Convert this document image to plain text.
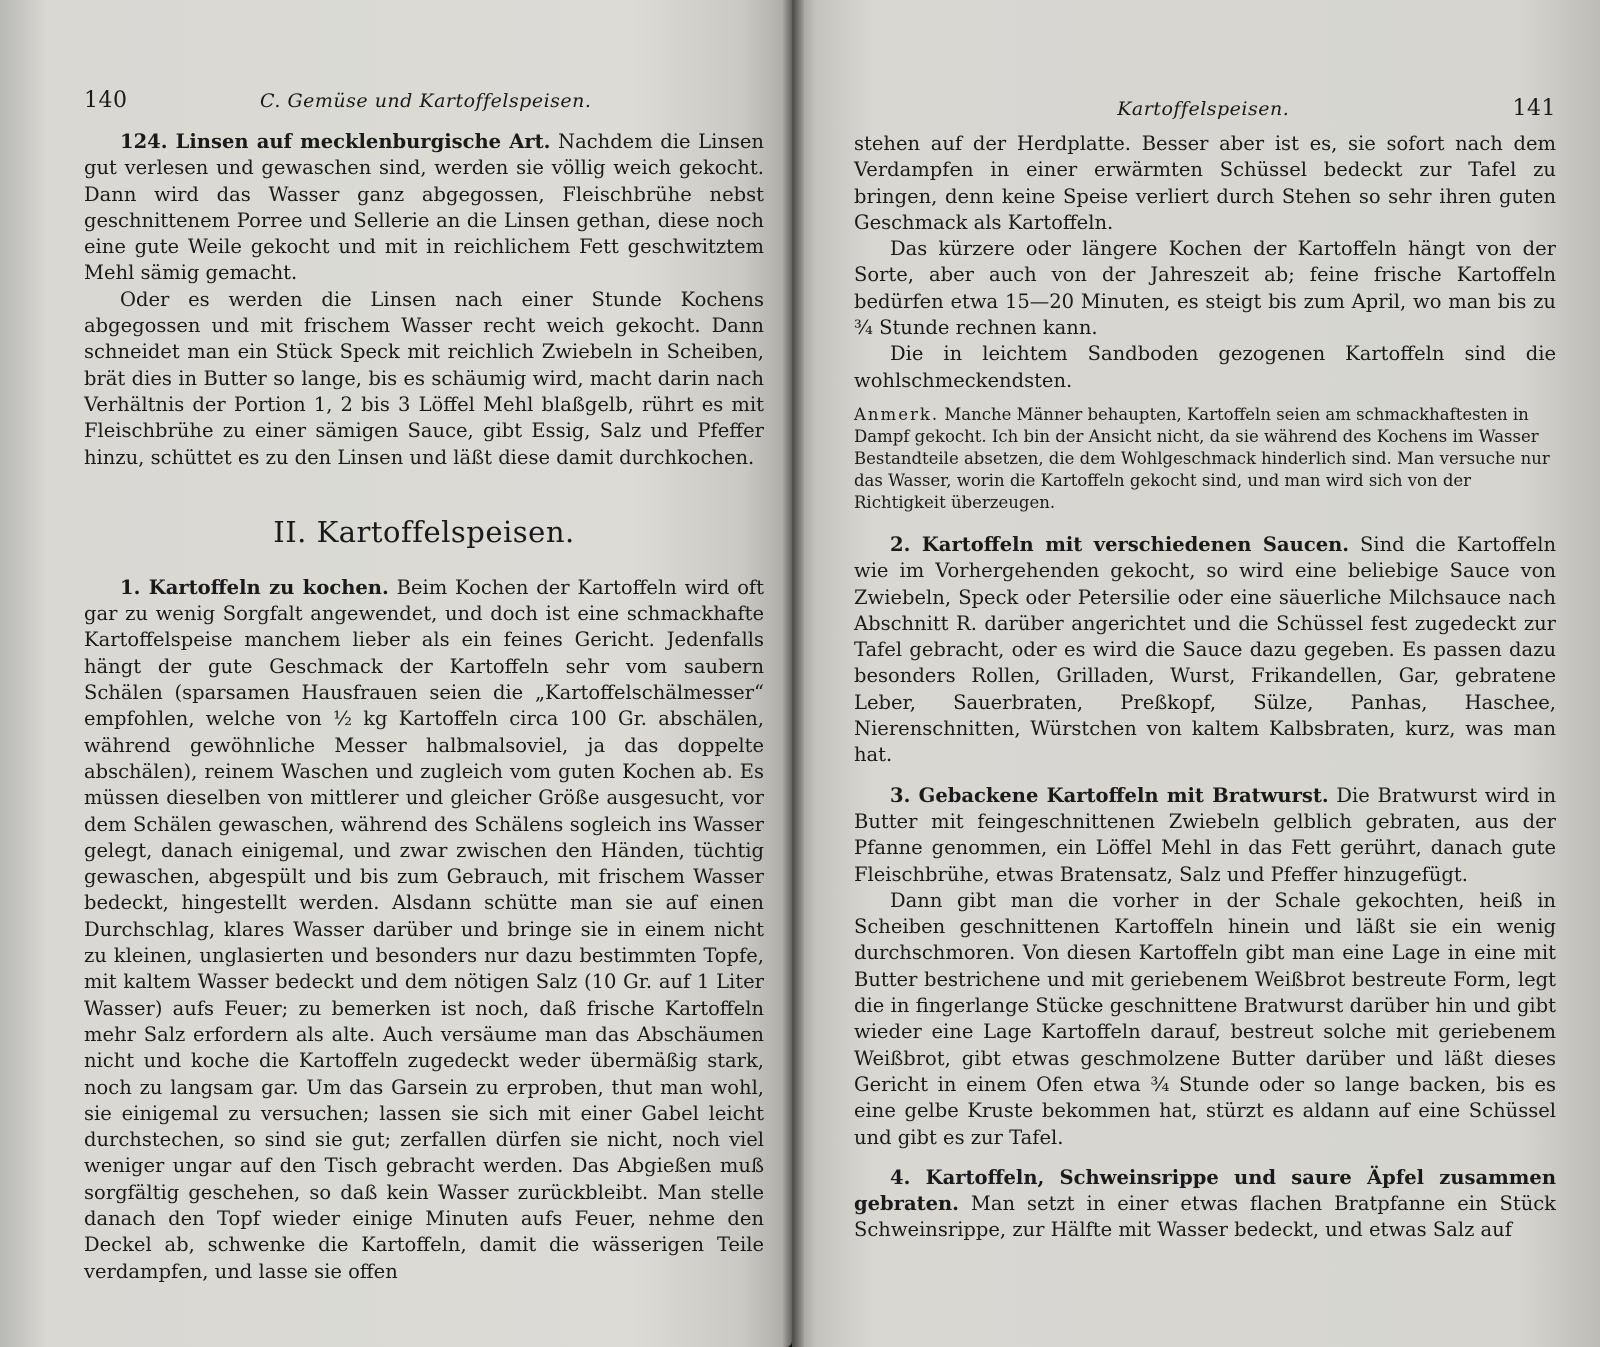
140	C. Gemüse und Kartoffelspeisen.

124. Linsen auf mecklenburgische Art. Nachdem die Linsen gut verlesen und gewaschen sind, werden sie völlig weich gekocht. Dann wird das Wasser ganz abgegossen, Fleischbrühe nebst geschnittenem Porree und Sellerie an die Linsen gethan, diese noch eine gute Weile gekocht und mit in reichlichem Fett geschwitztem Mehl sämig gemacht.

Oder es werden die Linsen nach einer Stunde Kochens abgegossen und mit frischem Wasser recht weich gekocht. Dann schneidet man ein Stück Speck mit reichlich Zwiebeln in Scheiben, brät dies in Butter so lange, bis es schäumig wird, macht darin nach Verhältnis der Portion 1, 2 bis 3 Löffel Mehl blaßgelb, rührt es mit Fleischbrühe zu einer sämigen Sauce, gibt Essig, Salz und Pfeffer hinzu, schüttet es zu den Linsen und läßt diese damit durchkochen.

II. Kartoffelspeisen.

1. Kartoffeln zu kochen. Beim Kochen der Kartoffeln wird oft gar zu wenig Sorgfalt angewendet, und doch ist eine schmackhafte Kartoffelspeise manchem lieber als ein feines Gericht. Jedenfalls hängt der gute Geschmack der Kartoffeln sehr vom saubern Schälen (sparsamen Hausfrauen seien die „Kartoffelschälmesser“ empfohlen, welche von ½ kg Kartoffeln circa 100 Gr. abschälen, während gewöhnliche Messer halbmalsoviel, ja das doppelte abschälen), reinem Waschen und zugleich vom guten Kochen ab. Es müssen dieselben von mittlerer und gleicher Größe ausgesucht, vor dem Schälen gewaschen, während des Schälens sogleich ins Wasser gelegt, danach einigemal, und zwar zwischen den Händen, tüchtig gewaschen, abgespült und bis zum Gebrauch, mit frischem Wasser bedeckt, hingestellt werden. Alsdann schütte man sie auf einen Durchschlag, klares Wasser darüber und bringe sie in einem nicht zu kleinen, unglasierten und besonders nur dazu bestimmten Topfe, mit kaltem Wasser bedeckt und dem nötigen Salz (10 Gr. auf 1 Liter Wasser) aufs Feuer; zu bemerken ist noch, daß frische Kartoffeln mehr Salz erfordern als alte. Auch versäume man das Abschäumen nicht und koche die Kartoffeln zugedeckt weder übermäßig stark, noch zu langsam gar. Um das Garsein zu erproben, thut man wohl, sie einigemal zu versuchen; lassen sie sich mit einer Gabel leicht durchstechen, so sind sie gut; zerfallen dürfen sie nicht, noch viel weniger ungar auf den Tisch gebracht werden. Das Abgießen muß sorgfältig geschehen, so daß kein Wasser zurückbleibt. Man stelle danach den Topf wieder einige Minuten aufs Feuer, nehme den Deckel ab, schwenke die Kartoffeln, damit die wässerigen Teile verdampfen, und lasse sie offen

Kartoffelspeisen.	141

stehen auf der Herdplatte. Besser aber ist es, sie sofort nach dem Verdampfen in einer erwärmten Schüssel bedeckt zur Tafel zu bringen, denn keine Speise verliert durch Stehen so sehr ihren guten Geschmack als Kartoffeln.

Das kürzere oder längere Kochen der Kartoffeln hängt von der Sorte, aber auch von der Jahreszeit ab; feine frische Kartoffeln bedürfen etwa 15—20 Minuten, es steigt bis zum April, wo man bis zu ¾ Stunde rechnen kann.

Die in leichtem Sandboden gezogenen Kartoffeln sind die wohlschmeckendsten.

Anmerk. Manche Männer behaupten, Kartoffeln seien am schmackhaftesten in Dampf gekocht. Ich bin der Ansicht nicht, da sie während des Kochens im Wasser Bestandteile absetzen, die dem Wohlgeschmack hinderlich sind. Man versuche nur das Wasser, worin die Kartoffeln gekocht sind, und man wird sich von der Richtigkeit überzeugen.

2. Kartoffeln mit verschiedenen Saucen. Sind die Kartoffeln wie im Vorhergehenden gekocht, so wird eine beliebige Sauce von Zwiebeln, Speck oder Petersilie oder eine säuerliche Milchsauce nach Abschnitt R. darüber angerichtet und die Schüssel fest zugedeckt zur Tafel gebracht, oder es wird die Sauce dazu gegeben. Es passen dazu besonders Rollen, Grilladen, Wurst, Frikandellen, Gar, gebratene Leber, Sauerbraten, Preßkopf, Sülze, Panhas, Haschee, Nierenschnitten, Würstchen von kaltem Kalbsbraten, kurz, was man hat.

3. Gebackene Kartoffeln mit Bratwurst. Die Bratwurst wird in Butter mit feingeschnittenen Zwiebeln gelblich gebraten, aus der Pfanne genommen, ein Löffel Mehl in das Fett gerührt, danach gute Fleischbrühe, etwas Bratensatz, Salz und Pfeffer hinzugefügt.

Dann gibt man die vorher in der Schale gekochten, heiß in Scheiben geschnittenen Kartoffeln hinein und läßt sie ein wenig durchschmoren. Von diesen Kartoffeln gibt man eine Lage in eine mit Butter bestrichene und mit geriebenem Weißbrot bestreute Form, legt die in fingerlange Stücke geschnittene Bratwurst darüber hin und gibt wieder eine Lage Kartoffeln darauf, bestreut solche mit geriebenem Weißbrot, gibt etwas geschmolzene Butter darüber und läßt dieses Gericht in einem Ofen etwa ¾ Stunde oder so lange backen, bis es eine gelbe Kruste bekommen hat, stürzt es aldann auf eine Schüssel und gibt es zur Tafel.

4. Kartoffeln, Schweinsrippe und saure Äpfel zusammen gebraten. Man setzt in einer etwas flachen Bratpfanne ein Stück Schweinsrippe, zur Hälfte mit Wasser bedeckt, und etwas Salz auf
